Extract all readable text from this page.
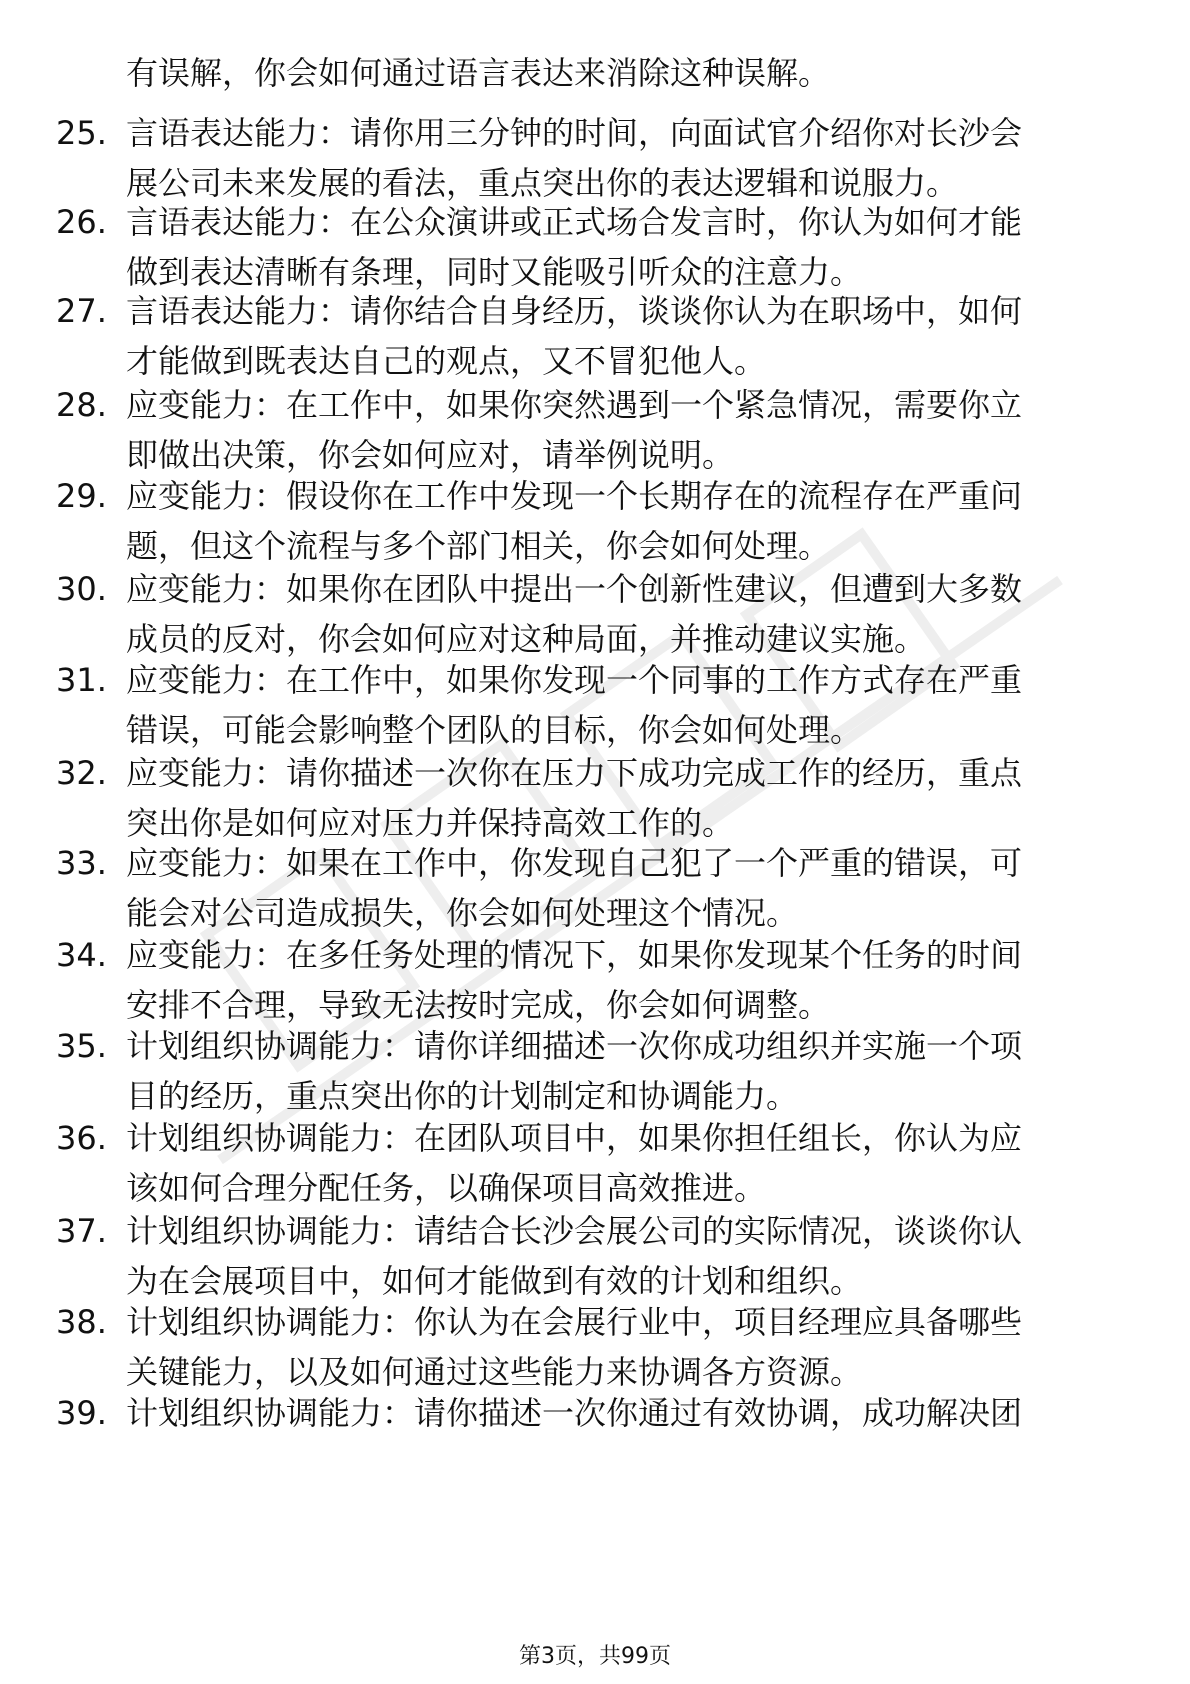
有误解，你会如何通过语言表达来消除这种误解。
25. 言语表达能力：请你用三分钟的时间，向面试官介绍你对长沙会
展公司未来发展的看法，重点突出你的表达逻辑和说服力。
26. 言语表达能力：在公众演讲或正式场合发言时，你认为如何才能
做到表达清晰有条理，同时又能吸引听众的注意力。
27. 言语表达能力：请你结合自身经历，谈谈你认为在职场中，如何
才能做到既表达自己的观点，又不冒犯他人。
28. 应变能力：在工作中，如果你突然遇到一个紧急情况，需要你立
即做出决策，你会如何应对，请举例说明。
29. 应变能力：假设你在工作中发现一个长期存在的流程存在严重问
题，但这个流程与多个部门相关，你会如何处理。
30. 应变能力：如果你在团队中提出一个创新性建议，但遭到大多数
成员的反对，你会如何应对这种局面，并推动建议实施。
31. 应变能力：在工作中，如果你发现一个同事的工作方式存在严重
错误，可能会影响整个团队的目标，你会如何处理。
32. 应变能力：请你描述一次你在压力下成功完成工作的经历，重点
突出你是如何应对压力并保持高效工作的。
33. 应变能力：如果在工作中，你发现自己犯了一个严重的错误，可
能会对公司造成损失，你会如何处理这个情况。
34. 应变能力：在多任务处理的情况下，如果你发现某个任务的时间
安排不合理，导致无法按时完成，你会如何调整。
35. 计划组织协调能力：请你详细描述一次你成功组织并实施一个项
目的经历，重点突出你的计划制定和协调能力。
36. 计划组织协调能力：在团队项目中，如果你担任组长，你认为应
该如何合理分配任务，以确保项目高效推进。
37. 计划组织协调能力：请结合长沙会展公司的实际情况，谈谈你认
为在会展项目中，如何才能做到有效的计划和组织。
38. 计划组织协调能力：你认为在会展行业中，项目经理应具备哪些
关键能力，以及如何通过这些能力来协调各方资源。
39. 计划组织协调能力：请你描述一次你通过有效协调，成功解决团
第3页，共99页
